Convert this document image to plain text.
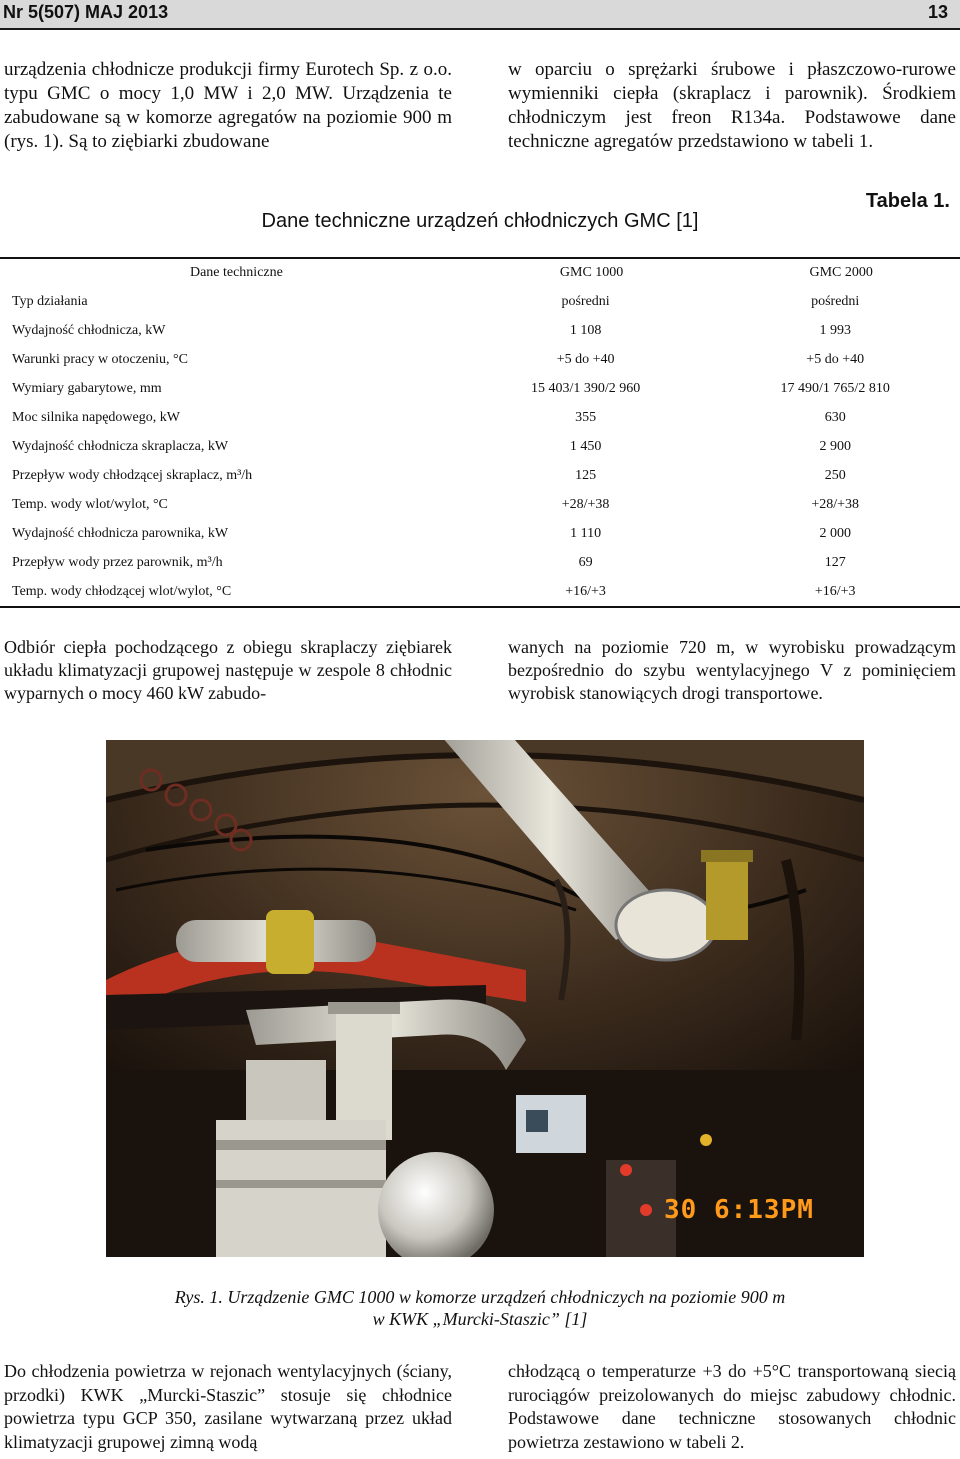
Nr 5(507) MAJ 2013	13

urządzenia chłodnicze produkcji firmy Eurotech Sp. z o.o. typu GMC o mocy 1,0 MW i 2,0 MW. Urządzenia te zabudowane są w komorze agregatów na poziomie 900 m (rys. 1). Są to ziębiarki zbudowane

w oparciu o sprężarki śrubowe i płaszczowo-rurowe wymienniki ciepła (skraplacz i parownik). Środkiem chłodniczym jest freon R134a. Podstawowe dane techniczne agregatów przedstawiono w tabeli 1.

Tabela 1.
Dane techniczne urządzeń chłodniczych GMC [1]
Dane techniczne	GMC 1000	GMC 2000
Typ działania	pośredni	pośredni
Wydajność chłodnicza, kW	1 108	1 993
Warunki pracy w otoczeniu, °C	+5 do +40	+5 do +40
Wymiary gabarytowe, mm	15 403/1 390/2 960	17 490/1 765/2 810
Moc silnika napędowego, kW	355	630
Wydajność chłodnicza skraplacza, kW	1 450	2 900
Przepływ wody chłodzącej skraplacz, m³/h	125	250
Temp. wody wlot/wylot, °C	+28/+38	+28/+38
Wydajność chłodnicza parownika, kW	1 110	2 000
Przepływ wody przez parownik, m³/h	69	127
Temp. wody chłodzącej wlot/wylot, °C	+16/+3	+16/+3

Odbiór ciepła pochodzącego z obiegu skraplaczy ziębiarek układu klimatyzacji grupowej następuje w zespole 8 chłodnic wyparnych o mocy 460 kW zabudo-

wanych na poziomie 720 m, w wyrobisku prowadzącym bezpośrednio do szybu wentylacyjnego V z pominięciem wyrobisk stanowiących drogi transportowe.

30 6:13PM

Rys. 1. Urządzenie GMC 1000 w komorze urządzeń chłodniczych na poziomie 900 m

w KWK „Murcki-Staszic” [1]

Do chłodzenia powietrza w rejonach wentylacyjnych (ściany, przodki) KWK „Murcki-Staszic” stosuje się chłodnice powietrza typu GCP 350, zasilane wytwarzaną przez układ klimatyzacji grupowej zimną wodą

chłodzącą o temperaturze +3 do +5°C transportowaną siecią rurociągów preizolowanych do miejsc zabudowy chłodnic. Podstawowe dane techniczne stosowanych chłodnic powietrza zestawiono w tabeli 2.
